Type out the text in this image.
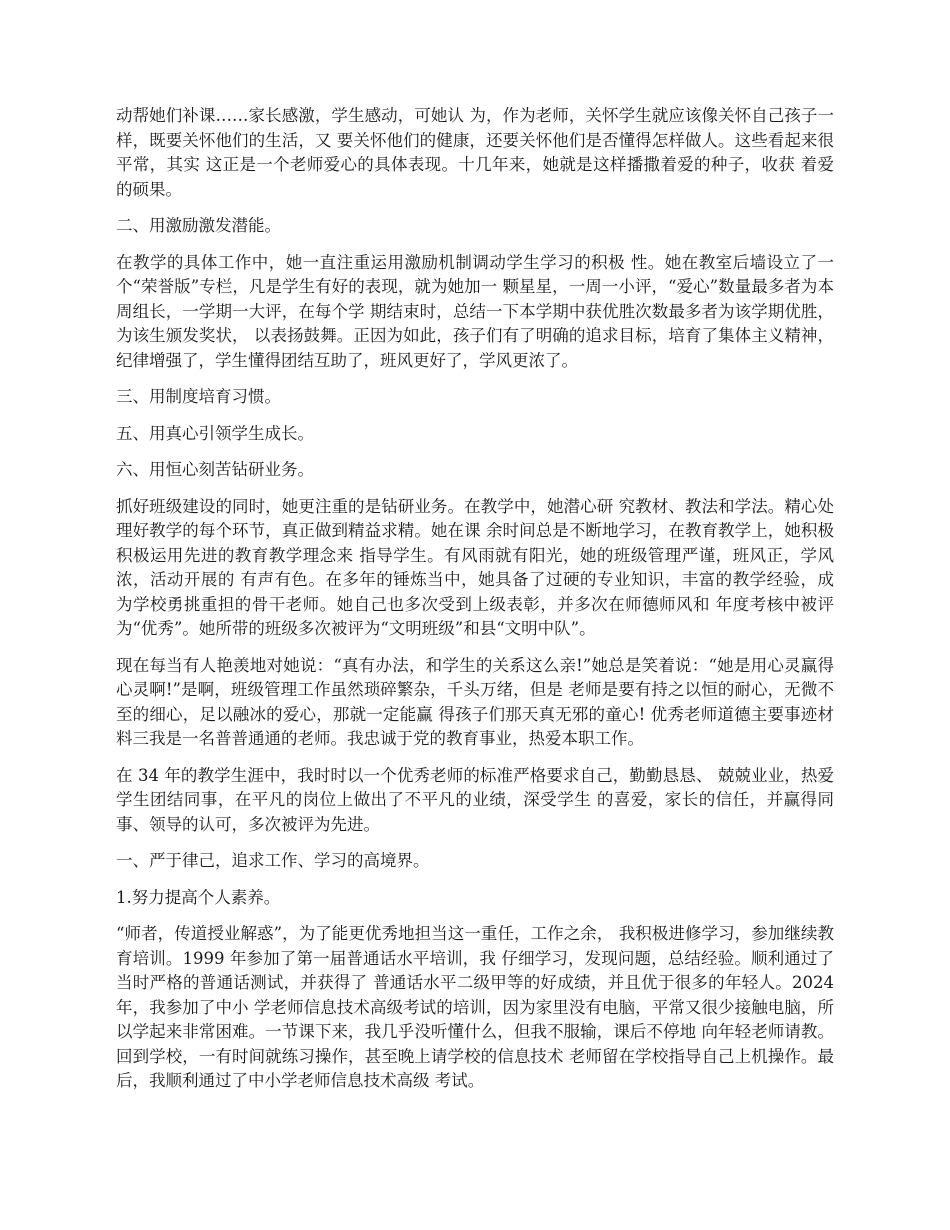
动帮她们补课……家长感激，学生感动，可她认 为，作为老师，关怀学生就应该像关怀自己孩子一样，既要关怀他们的生活，又 要关怀他们的健康，还要关怀他们是否懂得怎样做人。这些看起来很平常，其实 这正是一个老师爱心的具体表现。十几年来，她就是这样播撒着爱的种子，收获 着爱的硕果。

二、用激励激发潜能。

在教学的具体工作中，她一直注重运用激励机制调动学生学习的积极 性。她在教室后墙设立了一个“荣誉版”专栏，凡是学生有好的表现，就为她加一 颗星星，一周一小评，“爱心”数量最多者为本周组长，一学期一大评，在每个学 期结束时，总结一下本学期中获优胜次数最多者为该学期优胜，为该生颁发奖状， 以表扬鼓舞。正因为如此，孩子们有了明确的追求目标，培育了集体主义精神， 纪律增强了，学生懂得团结互助了，班风更好了，学风更浓了。

三、用制度培育习惯。

五、用真心引领学生成长。

六、用恒心刻苦钻研业务。

抓好班级建设的同时，她更注重的是钻研业务。在教学中，她潜心研 究教材、教法和学法。精心处理好教学的每个环节，真正做到精益求精。她在课 余时间总是不断地学习，在教育教学上，她积极积极运用先进的教育教学理念来 指导学生。有风雨就有阳光，她的班级管理严谨，班风正，学风浓，活动开展的 有声有色。在多年的锤炼当中，她具备了过硬的专业知识，丰富的教学经验，成 为学校勇挑重担的骨干老师。她自己也多次受到上级表彰，并多次在师德师风和 年度考核中被评为“优秀”。她所带的班级多次被评为“文明班级”和县“文明中队”。

现在每当有人艳羡地对她说：“真有办法，和学生的关系这么亲!”她总是笑着说：“她是用心灵赢得心灵啊!”是啊，班级管理工作虽然琐碎繁杂，千头万绪，但是 老师是要有持之以恒的耐心，无微不至的细心，足以融冰的爱心，那就一定能赢 得孩子们那天真无邪的童心! 优秀老师道德主要事迹材料三我是一名普普通通的老师。我忠诚于党的教育事业，热爱本职工作。

在 34 年的教学生涯中，我时时以一个优秀老师的标准严格要求自己，勤勤恳恳、 兢兢业业，热爱学生团结同事，在平凡的岗位上做出了不平凡的业绩，深受学生 的喜爱，家长的信任，并赢得同事、领导的认可，多次被评为先进。

一、严于律己，追求工作、学习的高境界。

1.努力提高个人素养。

“师者，传道授业解惑”，为了能更优秀地担当这一重任，工作之余， 我积极进修学习，参加继续教育培训。1999 年参加了第一届普通话水平培训，我 仔细学习，发现问题，总结经验。顺利通过了当时严格的普通话测试，并获得了 普通话水平二级甲等的好成绩，并且优于很多的年轻人。2024 年，我参加了中小 学老师信息技术高级考试的培训，因为家里没有电脑，平常又很少接触电脑，所 以学起来非常困难。一节课下来，我几乎没听懂什么，但我不服输，课后不停地 向年轻老师请教。回到学校，一有时间就练习操作，甚至晚上请学校的信息技术 老师留在学校指导自己上机操作。最后，我顺利通过了中小学老师信息技术高级 考试。
